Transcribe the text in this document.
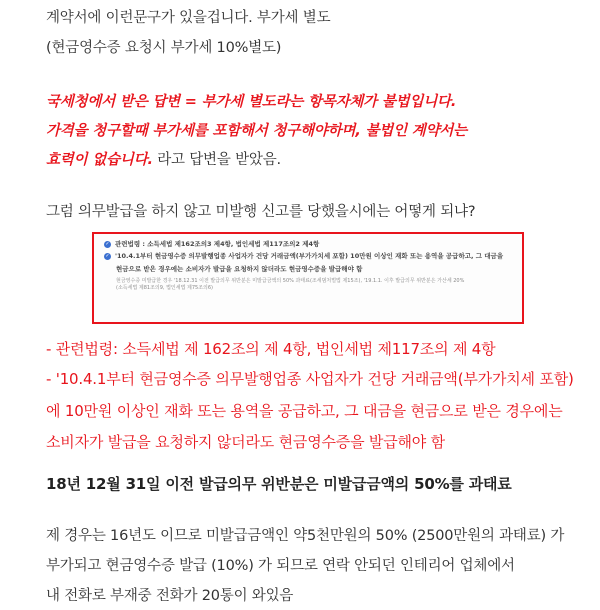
계약서에 이런문구가 있을겁니다. 부가세 별도
(현금영수증 요청시 부가세 10%별도)
국세청에서 받은 답변 = 부가세 별도라는 항목자체가 불법입니다.
가격을 청구할때 부가세를 포함해서 청구해야하며, 불법인 계약서는
효력이 없습니다. 라고 답변을 받았음.
그럼 의무발급을 하지 않고 미발행 신고를 당했을시에는 어떻게 되냐?
✓ 관련법령 : 소득세법 제162조의3 제4항, 법인세법 제117조의2 제4항
✓ '10.4.1부터 현금영수증 의무발행업종 사업자가 건당 거래금액(부가가치세 포함) 10만원 이상인 재화 또는 용역을 공급하고, 그 대금을
현금으로 받은 경우에는 소비자가 발급을 요청하지 않더라도 현금영수증을 발급해야 함
현금영수증 미발급한 경우 '18.12.31 이전 발급의무 위반분은 미발급금액의 50% 과태료(조세범처벌법 제15조), '19.1.1. 이후 발급의무 위반분은 가산세 20%
(소득세법 제81조의9, 법인세법 제75조의6)
- 관련법령: 소득세법 제 162조의 제 4항, 법인세법 제117조의 제 4항
- '10.4.1부터 현금영수증 의무발행업종 사업자가 건당 거래금액(부가가치세 포함)
에 10만원 이상인 재화 또는 용역을 공급하고, 그 대금을 현금으로 받은 경우에는
소비자가 발급을 요청하지 않더라도 현금영수증을 발급해야 함
18년 12월 31일 이전 발급의무 위반분은 미발급금액의 50%를 과태료
제 경우는 16년도 이므로 미발급금액인 약5천만원의 50% (2500만원의 과태료) 가
부가되고 현금영수증 발급 (10%) 가 되므로 연락 안되던 인테리어 업체에서
내 전화로 부재중 전화가 20통이 와있음
